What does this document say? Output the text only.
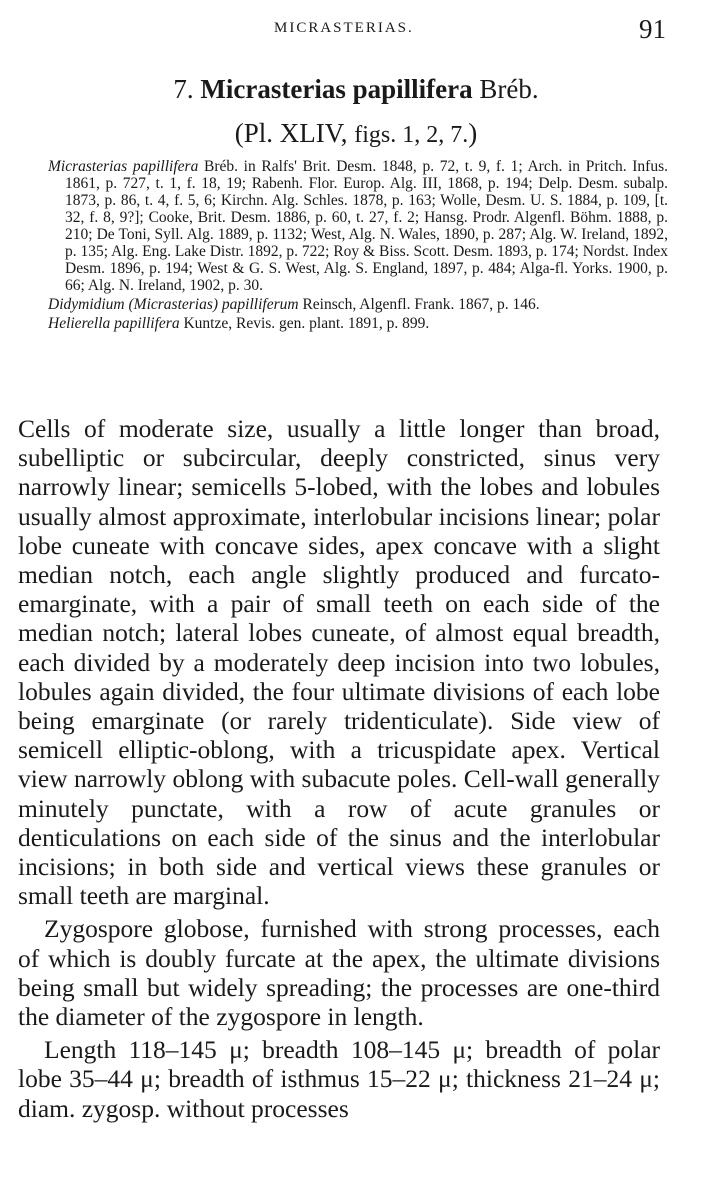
MICRASTERIAS.	91
7. Micrasterias papillifera Bréb.
(Pl. XLIV, figs. 1, 2, 7.)

Micrasterias papillifera Bréb. in Ralfs' Brit. Desm. 1848, p. 72, t. 9, f. 1; Arch. in Pritch. Infus. 1861, p. 727, t. 1, f. 18, 19; Rabenh. Flor. Europ. Alg. III, 1868, p. 194; Delp. Desm. subalp. 1873, p. 86, t. 4, f. 5, 6; Kirchn. Alg. Schles. 1878, p. 163; Wolle, Desm. U. S. 1884, p. 109, [t. 32, f. 8, 9?]; Cooke, Brit. Desm. 1886, p. 60, t. 27, f. 2; Hansg. Prodr. Algenfl. Böhm. 1888, p. 210; De Toni, Syll. Alg. 1889, p. 1132; West, Alg. N. Wales, 1890, p. 287; Alg. W. Ireland, 1892, p. 135; Alg. Eng. Lake Distr. 1892, p. 722; Roy & Biss. Scott. Desm. 1893, p. 174; Nordst. Index Desm. 1896, p. 194; West & G. S. West, Alg. S. England, 1897, p. 484; Alga-fl. Yorks. 1900, p. 66; Alg. N. Ireland, 1902, p. 30.

Didymidium (Micrasterias) papilliferum Reinsch, Algenfl. Frank. 1867, p. 146.

Helierella papillifera Kuntze, Revis. gen. plant. 1891, p. 899.

Cells of moderate size, usually a little longer than broad, subelliptic or subcircular, deeply constricted, sinus very narrowly linear; semicells 5-lobed, with the lobes and lobules usually almost approximate, interlobular incisions linear; polar lobe cuneate with concave sides, apex concave with a slight median notch, each angle slightly produced and furcato-emarginate, with a pair of small teeth on each side of the median notch; lateral lobes cuneate, of almost equal breadth, each divided by a moderately deep incision into two lobules, lobules again divided, the four ultimate divisions of each lobe being emarginate (or rarely tridenticulate). Side view of semicell elliptic-oblong, with a tricuspidate apex. Vertical view narrowly oblong with subacute poles. Cell-wall generally minutely punctate, with a row of acute granules or denticulations on each side of the sinus and the interlobular incisions; in both side and vertical views these granules or small teeth are marginal.

Zygospore globose, furnished with strong processes, each of which is doubly furcate at the apex, the ultimate divisions being small but widely spreading; the processes are one-third the diameter of the zygospore in length.

Length 118–145 μ; breadth 108–145 μ; breadth of polar lobe 35–44 μ; breadth of isthmus 15–22 μ; thickness 21–24 μ; diam. zygosp. without processes
